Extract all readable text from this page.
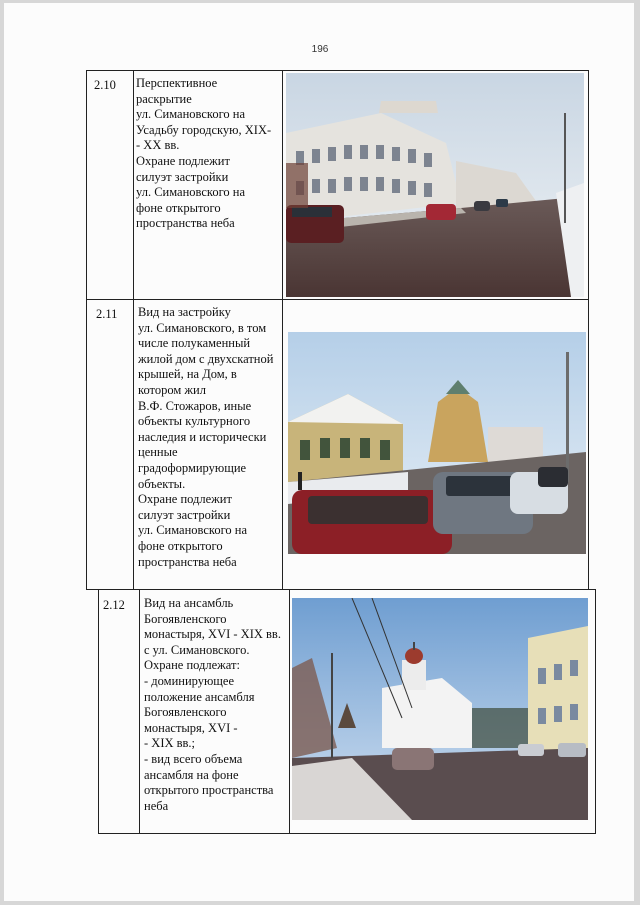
196
2.10 Перспективное
раскрытие
ул. Симановского на
Усадьбу городскую, XIX-
- XX вв.
Охране подлежит
силуэт застройки
ул. Симановского на
фоне открытого
пространства неба
2.11 Вид на застройку
ул. Симановского, в том
числе полукаменный
жилой дом с двухскатной
крышей, на Дом, в
котором жил
В.Ф. Стожаров, иные
объекты культурного
наследия и исторически
ценные
градоформирующие
объекты.
Охране подлежит
силуэт застройки
ул. Симановского на
фоне открытого
пространства неба
2.12 Вид на ансамбль
Богоявленского
монастыря, XVI - XIX вв.
с ул. Симановского.
Охране подлежат:
- доминирующее
положение ансамбля
Богоявленского
монастыря, XVI -
- XIX вв.;
- вид всего объема
ансамбля на фоне
открытого пространства
неба
